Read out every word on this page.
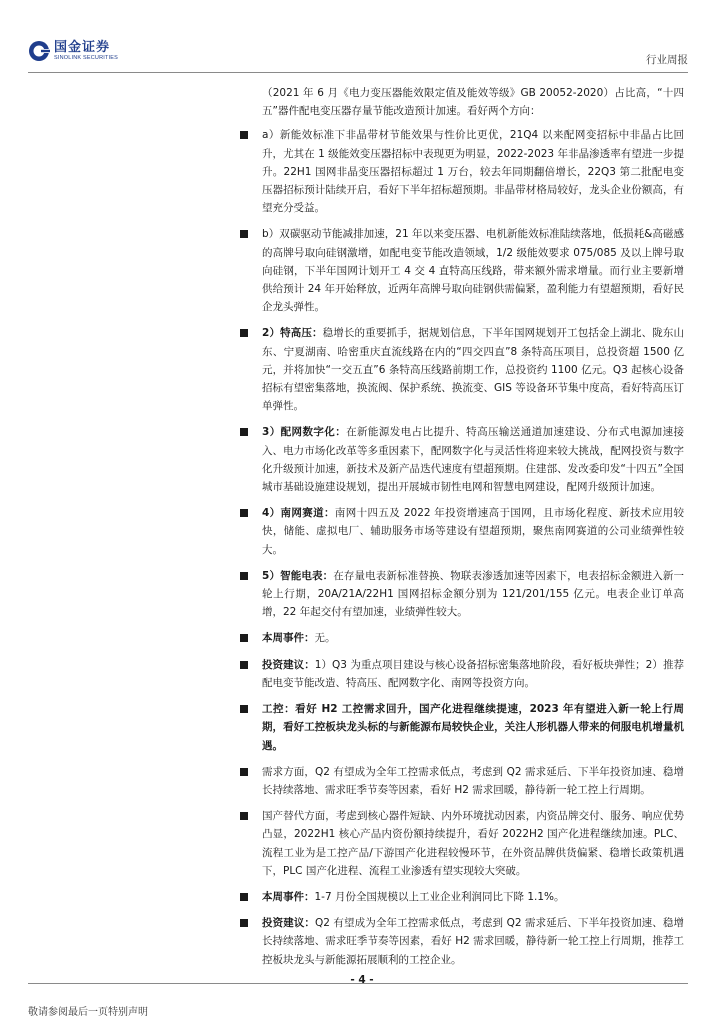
国金证券
SINOLINK SECURITIES	行业周报
（2021 年 6 月《电力变压器能效限定值及能效等级》GB 20052-2020）占比高，“十四五”器件配电变压器存量节能改造预计加速。看好两个方向：
a）新能效标准下非晶带材节能效果与性价比更优，21Q4 以来配网变招标中非晶占比回升，尤其在 1 级能效变压器招标中表现更为明显，2022-2023 年非晶渗透率有望进一步提升。22H1 国网非晶变压器招标超过 1 万台，较去年同期翻倍增长，22Q3 第二批配电变压器招标预计陆续开启，看好下半年招标超预期。非晶带材格局较好，龙头企业份额高，有望充分受益。
b）双碳驱动节能减排加速，21 年以来变压器、电机新能效标准陆续落地，低损耗&高磁感的高牌号取向硅钢激增，如配电变节能改造领域，1/2 级能效要求 075/085 及以上牌号取向硅钢，下半年国网计划开工 4 交 4 直特高压线路，带来额外需求增量。而行业主要新增供给预计 24 年开始释放，近两年高牌号取向硅钢供需偏紧，盈利能力有望超预期，看好民企龙头弹性。
2）特高压：稳增长的重要抓手，据规划信息，下半年国网规划开工包括金上湖北、陇东山东、宁夏湖南、哈密重庆直流线路在内的“四交四直”8 条特高压项目，总投资超 1500 亿元，并将加快“一交五直”6 条特高压线路前期工作，总投资约 1100 亿元。Q3 起核心设备招标有望密集落地，换流阀、保护系统、换流变、GIS 等设备环节集中度高，看好特高压订单弹性。
3）配网数字化：在新能源发电占比提升、特高压输送通道加速建设、分布式电源加速接入、电力市场化改革等多重因素下，配网数字化与灵活性将迎来较大挑战，配网投资与数字化升级预计加速，新技术及新产品迭代速度有望超预期。住建部、发改委印发“十四五”全国城市基础设施建设规划，提出开展城市韧性电网和智慧电网建设，配网升级预计加速。
4）南网赛道：南网十四五及 2022 年投资增速高于国网，且市场化程度、新技术应用较快，储能、虚拟电厂、辅助服务市场等建设有望超预期，聚焦南网赛道的公司业绩弹性较大。
5）智能电表：在存量电表新标准替换、物联表渗透加速等因素下，电表招标金额进入新一轮上行期，20A/21A/22H1 国网招标金额分别为 121/201/155 亿元。电表企业订单高增，22 年起交付有望加速，业绩弹性较大。
本周事件：无。
投资建议：1）Q3 为重点项目建设与核心设备招标密集落地阶段，看好板块弹性；2）推荐配电变节能改造、特高压、配网数字化、南网等投资方向。
工控：看好 H2 工控需求回升，国产化进程继续提速，2023 年有望进入新一轮上行周期，看好工控板块龙头标的与新能源布局较快企业，关注人形机器人带来的伺服电机增量机遇。
需求方面，Q2 有望成为全年工控需求低点，考虑到 Q2 需求延后、下半年投资加速、稳增长持续落地、需求旺季节奏等因素，看好 H2 需求回暖，静待新一轮工控上行周期。
国产替代方面，考虑到核心器件短缺、内外环境扰动因素，内资品牌交付、服务、响应优势凸显，2022H1 核心产品内资份额持续提升，看好 2022H2 国产化进程继续加速。PLC、流程工业为是工控产品/下游国产化进程较慢环节，在外资品牌供货偏紧、稳增长政策机遇下，PLC 国产化进程、流程工业渗透有望实现较大突破。
本周事件：1-7 月份全国规模以上工业企业利润同比下降 1.1%。
投资建议：Q2 有望成为全年工控需求低点，考虑到 Q2 需求延后、下半年投资加速、稳增长持续落地、需求旺季节奏等因素，看好 H2 需求回暖，静待新一轮工控上行周期，推荐工控板块龙头与新能源拓展顺利的工控企业。
- 4 -
敬请参阅最后一页特别声明
